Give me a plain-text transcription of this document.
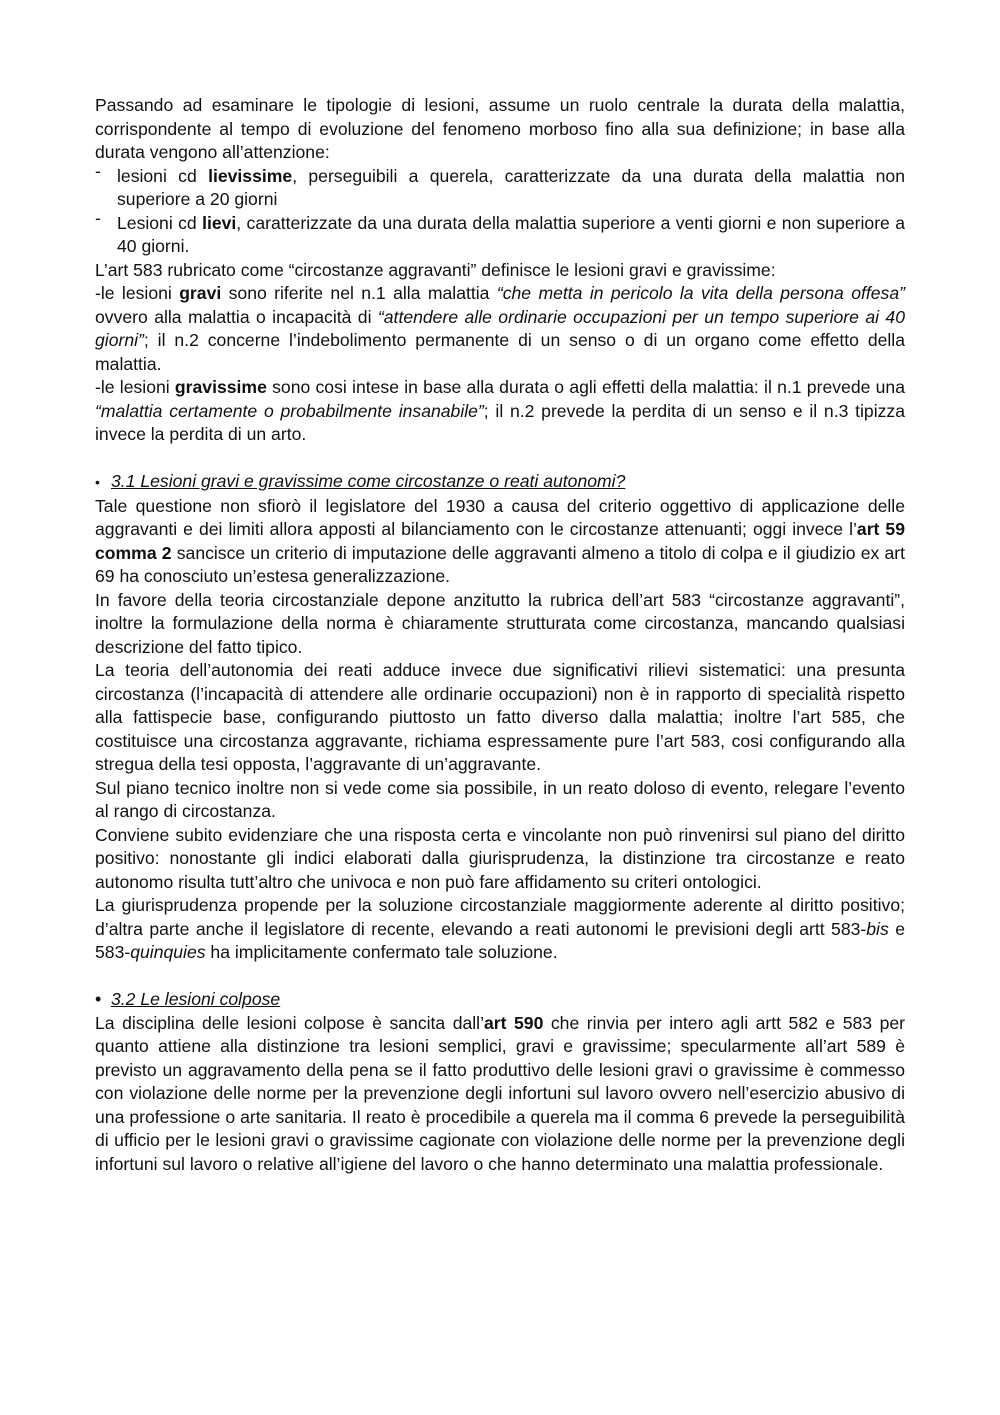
Passando ad esaminare le tipologie di lesioni, assume un ruolo centrale la durata della malattia, corrispondente al tempo di evoluzione del fenomeno morboso fino alla sua definizione; in base alla durata vengono all’attenzione:

- lesioni cd lievissime, perseguibili a querela, caratterizzate da una durata della malattia non superiore a 20 giorni
- Lesioni cd lievi, caratterizzate da una durata della malattia superiore a venti giorni e non superiore a 40 giorni.

L’art 583 rubricato come “circostanze aggravanti” definisce le lesioni gravi e gravissime:

-le lesioni gravi sono riferite nel n.1 alla malattia “che metta in pericolo la vita della persona offesa” ovvero alla malattia o incapacità di “attendere alle ordinarie occupazioni per un tempo superiore ai 40 giorni”; il n.2 concerne l’indebolimento permanente di un senso o di un organo come effetto della malattia.

-le lesioni gravissime sono cosi intese in base alla durata o agli effetti della malattia: il n.1 prevede una “malattia certamente o probabilmente insanabile”; il n.2 prevede la perdita di un senso e il n.3 tipizza invece la perdita di un arto.

• 3.1 Lesioni gravi e gravissime come circostanze o reati autonomi?

Tale questione non sfiorò il legislatore del 1930 a causa del criterio oggettivo di applicazione delle aggravanti e dei limiti allora apposti al bilanciamento con le circostanze attenuanti; oggi invece l’art 59 comma 2 sancisce un criterio di imputazione delle aggravanti almeno a titolo di colpa e il giudizio ex art 69 ha conosciuto un’estesa generalizzazione.

In favore della teoria circostanziale depone anzitutto la rubrica dell’art 583 “circostanze aggravanti”, inoltre la formulazione della norma è chiaramente strutturata come circostanza, mancando qualsiasi descrizione del fatto tipico.

La teoria dell’autonomia dei reati adduce invece due significativi rilievi sistematici: una presunta circostanza (l’incapacità di attendere alle ordinarie occupazioni) non è in rapporto di specialità rispetto alla fattispecie base, configurando piuttosto un fatto diverso dalla malattia; inoltre l’art 585, che costituisce una circostanza aggravante, richiama espressamente pure l’art 583, cosi configurando alla stregua della tesi opposta, l’aggravante di un’aggravante.

Sul piano tecnico inoltre non si vede come sia possibile, in un reato doloso di evento, relegare l’evento al rango di circostanza.

Conviene subito evidenziare che una risposta certa e vincolante non può rinvenirsi sul piano del diritto positivo: nonostante gli indici elaborati dalla giurisprudenza, la distinzione tra circostanze e reato autonomo risulta tutt’altro che univoca e non può fare affidamento su criteri ontologici.

La giurisprudenza propende per la soluzione circostanziale maggiormente aderente al diritto positivo; d’altra parte anche il legislatore di recente, elevando a reati autonomi le previsioni degli artt 583-bis e 583-quinquies ha implicitamente confermato tale soluzione.

• 3.2 Le lesioni colpose

La disciplina delle lesioni colpose è sancita dall’art 590 che rinvia per intero agli artt 582 e 583 per quanto attiene alla distinzione tra lesioni semplici, gravi e gravissime; specularmente all’art 589 è previsto un aggravamento della pena se il fatto produttivo delle lesioni gravi o gravissime è commesso con violazione delle norme per la prevenzione degli infortuni sul lavoro ovvero nell’esercizio abusivo di una professione o arte sanitaria. Il reato è procedibile a querela ma il comma 6 prevede la perseguibilità di ufficio per le lesioni gravi o gravissime cagionate con violazione delle norme per la prevenzione degli infortuni sul lavoro o relative all’igiene del lavoro o che hanno determinato una malattia professionale.
